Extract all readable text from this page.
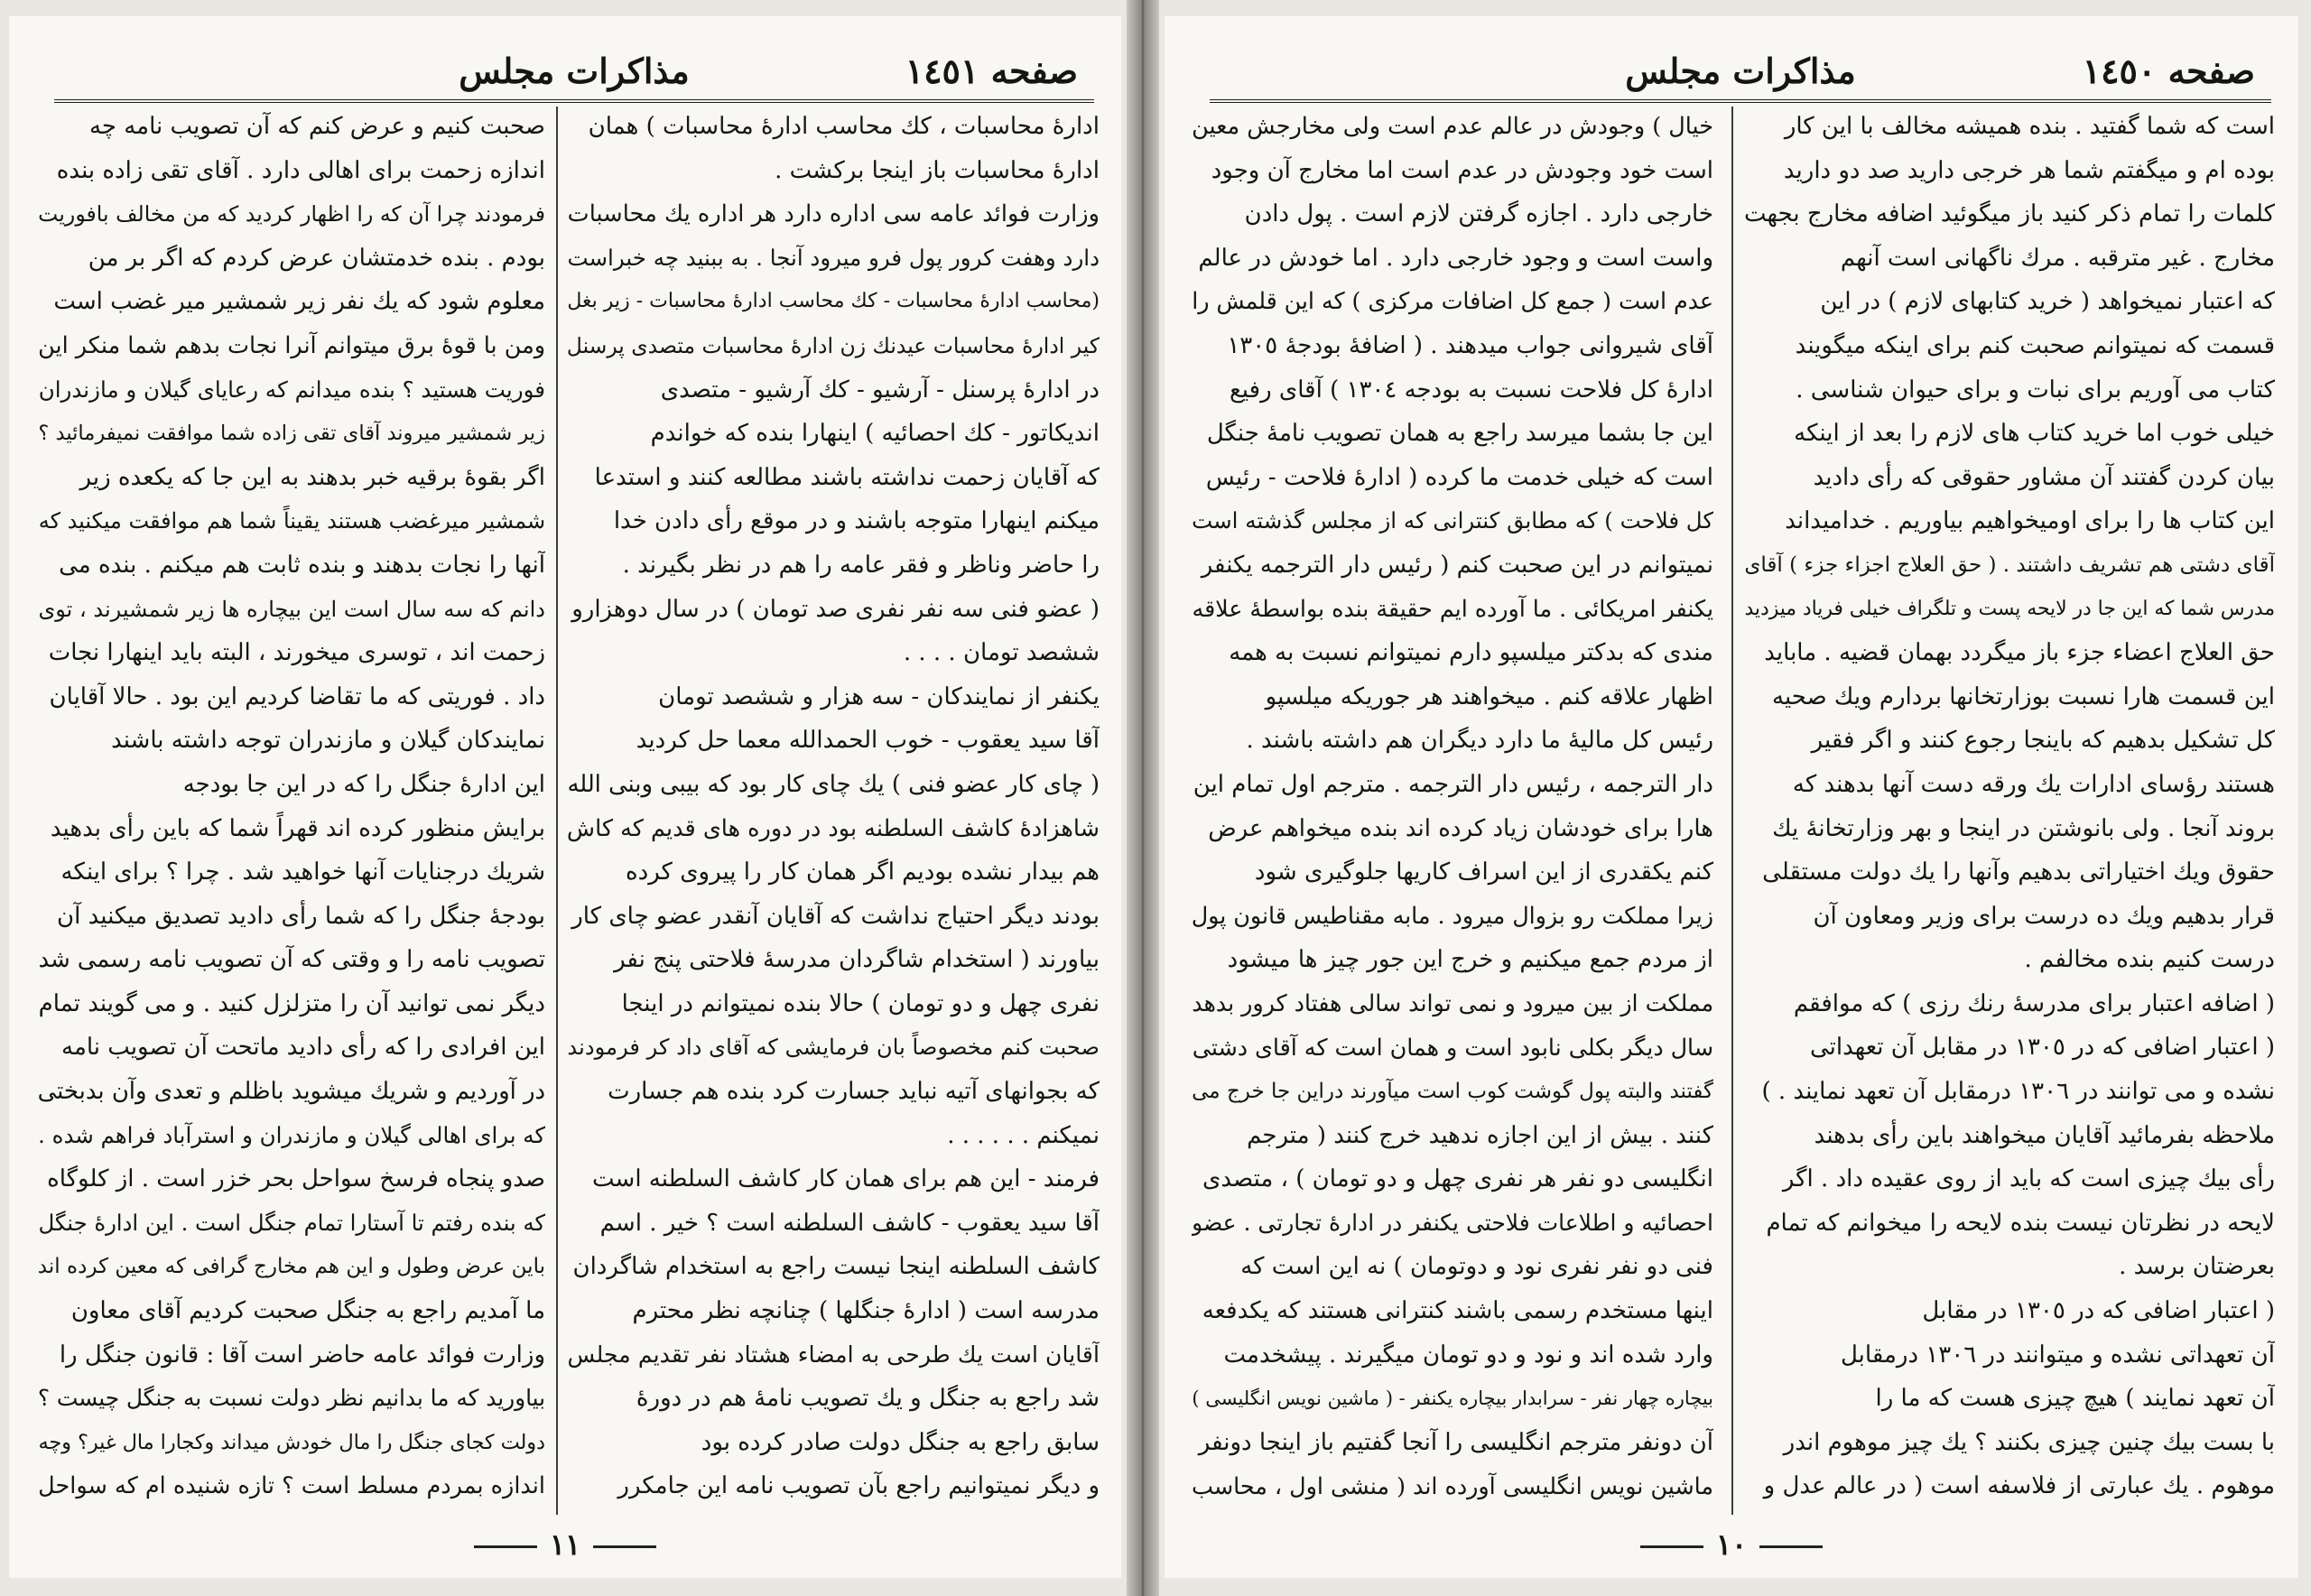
مذاكرات مجلس	صفحه ١٤٥١
ادارهٔ محاسبات ، كك محاسب ادارهٔ محاسبات ) همان
ادارهٔ محاسبات باز اينجا بركشت .
وزارت فوائد عامه سی اداره دارد هر اداره يك محاسبات
دارد وهفت كرور پول فرو ميرود آنجا . به ببنيد چه خبراست
(محاسب ادارهٔ محاسبات - كك محاسب ادارهٔ محاسبات - زير بغل
كير ادارهٔ محاسبات عيدنك زن ادارهٔ محاسبات متصدی پرسنل
در ادارهٔ پرسنل - آرشيو - كك آرشيو - متصدی
انديكاتور - كك احصائيه ) اينهارا بنده كه خواندم
كه آقايان زحمت نداشته باشند مطالعه كنند و استدعا
ميكنم اينهارا متوجه باشند و در موقع رأی دادن خدا
را حاضر وناظر و فقر عامه را هم در نظر بگيرند .
( عضو فنی سه نفر نفری صد تومان ) در سال دوهزارو
ششصد تومان . . . .
يكنفر از نمايندكان - سه هزار و ششصد تومان
آقا سيد يعقوب - خوب الحمدالله معما حل كرديد
( چای كار عضو فنی ) يك چای كار بود كه بيبی وبنی الله
شاهزادهٔ كاشف السلطنه بود در دوره های قديم كه كاش
هم بيدار نشده بوديم اگر همان كار را پيروی كرده
بودند ديگر احتياج نداشت كه آقايان آنقدر عضو چای كار
بياورند ( استخدام شاگردان مدرسهٔ فلاحتی پنج نفر
نفری چهل و دو تومان ) حالا بنده نميتوانم در اينجا
صحبت كنم مخصوصاً بان فرمايشی كه آقای داد كر فرمودند
كه بجوانهای آتيه نبايد جسارت كرد بنده هم جسارت
نميكنم . . . . . .
فرمند - اين هم برای همان كار كاشف السلطنه است
آقا سيد يعقوب - كاشف السلطنه است ؟ خير . اسم
كاشف السلطنه اينجا نيست راجع به استخدام شاگردان
مدرسه است ( ادارهٔ جنگلها ) چنانچه نظر محترم
آقايان است يك طرحی به امضاء هشتاد نفر تقديم مجلس
شد راجع به جنگل و يك تصويب نامهٔ هم در دورهٔ
سابق راجع به جنگل دولت صادر كرده بود
و ديگر نميتوانيم راجع بآن تصويب نامه اين جامكرر
صحبت كنيم و عرض كنم كه آن تصويب نامه چه
اندازه زحمت برای اهالی دارد . آقای تقی زاده بنده
فرمودند چرا آن كه را اظهار كرديد كه من مخالف بافوريت
بودم . بنده خدمتشان عرض كردم كه اگر بر من
معلوم شود كه يك نفر زير شمشير مير غضب است
ومن با قوهٔ برق ميتوانم آنرا نجات بدهم شما منكر اين
فوريت هستيد ؟ بنده ميدانم كه رعايای گيلان و مازندران
زير شمشير ميروند آقای تقی زاده شما موافقت نميفرمائيد ؟
اگر بقوهٔ برقيه خبر بدهند به اين جا كه يكعده زير
شمشير ميرغضب هستند يقيناً شما هم موافقت ميكنيد كه
آنها را نجات بدهند و بنده ثابت هم ميكنم . بنده می
دانم كه سه سال است اين بيچاره ها زير شمشيرند ، توی
زحمت اند ، توسری ميخورند ، البته بايد اينهارا نجات
داد . فوريتی كه ما تقاضا كرديم اين بود . حالا آقايان
نمايندكان گيلان و مازندران توجه داشته باشند
اين ادارهٔ جنگل را كه در اين جا بودجه
برايش منظور كرده اند قهراً شما كه باين رأی بدهيد
شريك درجنايات آنها خواهيد شد . چرا ؟ برای اينكه
بودجهٔ جنگل را كه شما رأی داديد تصديق ميكنيد آن
تصويب نامه را و وقتی كه آن تصويب نامه رسمی شد
ديگر نمی توانيد آن را متزلزل كنيد . و می گويند تمام
اين افرادی را كه رأی داديد ماتحت آن تصويب نامه
در آورديم و شريك ميشويد باظلم و تعدی وآن بدبختی
كه برای اهالی گيلان و مازندران و استرآباد فراهم شده .
صدو پنجاه فرسخ سواحل بحر خزر است . از كلوگاه
كه بنده رفتم تا آستارا تمام جنگل است . اين ادارهٔ جنگل
باين عرض وطول و اين هم مخارج گرافی كه معين كرده اند
ما آمديم راجع به جنگل صحبت كرديم آقای معاون
وزارت فوائد عامه حاضر است آقا : قانون جنگل را
بياوريد كه ما بدانيم نظر دولت نسبت به جنگل چيست ؟
دولت كجای جنگل را مال خودش ميداند وكجارا مال غير؟ وچه
اندازه بمردم مسلط است ؟ تازه شنيده ام كه سواحل
١١
مذاكرات مجلس	صفحه ١٤٥٠
است كه شما گفتيد . بنده هميشه مخالف با اين كار
بوده ام و ميگفتم شما هر خرجی داريد صد دو داريد
كلمات را تمام ذكر كنيد باز ميگوئيد اضافه مخارج بجهت
مخارج . غير مترقبه . مرك ناگهانی است آنهم
كه اعتبار نميخواهد ( خريد كتابهای لازم ) در اين
قسمت كه نميتوانم صحبت كنم برای اينكه ميگويند
كتاب می آوريم برای نبات و برای حيوان شناسی .
خيلی خوب اما خريد كتاب های لازم را بعد از اينكه
بيان كردن گفتند آن مشاور حقوقی كه رأی داديد
اين كتاب ها را برای اوميخواهيم بياوريم . خداميداند
آقای دشتی هم تشريف داشتند . ( حق العلاج اجزاء جزء ) آقای
مدرس شما كه اين جا در لايحه پست و تلگراف خيلی فرياد ميزديد
حق العلاج اعضاء جزء باز ميگردد بهمان قضيه . مابايد
اين قسمت هارا نسبت بوزارتخانها بردارم ويك صحيه
كل تشكيل بدهيم كه باينجا رجوع كنند و اگر فقير
هستند رؤسای ادارات يك ورقه دست آنها بدهند كه
بروند آنجا . ولی بانوشتن در اينجا و بهر وزارتخانهٔ يك
حقوق ويك اختياراتی بدهيم وآنها را يك دولت مستقلی
قرار بدهيم ويك ده درست برای وزير ومعاون آن
درست كنيم بنده مخالفم .
( اضافه اعتبار برای مدرسهٔ رنك رزی ) كه موافقم
( اعتبار اضافی كه در ١٣٠٥ در مقابل آن تعهداتی
نشده و می توانند در ١٣٠٦ درمقابل آن تعهد نمايند . )
ملاحظه بفرمائيد آقايان ميخواهند باين رأی بدهند
رأی بيك چيزی است كه بايد از روی عقيده داد . اگر
لايحه در نظرتان نيست بنده لايحه را ميخوانم كه تمام
بعرضتان برسد .
( اعتبار اضافی كه در ١٣٠٥ در مقابل
آن تعهداتی نشده و ميتوانند در ١٣٠٦ درمقابل
آن تعهد نمايند ) هيچ چيزی هست كه ما را
با بست بيك چنين چيزی بكنند ؟ يك چيز موهوم اندر
موهوم . يك عبارتی از فلاسفه است ( در عالم عدل و
خيال ) وجودش در عالم عدم است ولی مخارجش معين
است خود وجودش در عدم است اما مخارج آن وجود
خارجی دارد . اجازه گرفتن لازم است . پول دادن
واست است و وجود خارجی دارد . اما خودش در عالم
عدم است ( جمع كل اضافات مركزی ) كه اين قلمش را
آقای شيروانی جواب ميدهند . ( اضافهٔ بودجهٔ ١٣٠٥
ادارهٔ كل فلاحت نسبت به بودجه ١٣٠٤ ) آقای رفيع
اين جا بشما ميرسد راجع به همان تصويب نامهٔ جنگل
است كه خيلی خدمت ما كرده ( ادارهٔ فلاحت - رئيس
كل فلاحت ) كه مطابق كنترانی كه از مجلس گذشته است
نميتوانم در اين صحبت كنم ( رئيس دار الترجمه يكنفر
يكنفر امريكائی . ما آورده ايم حقيقة بنده بواسطهٔ علاقه
مندی كه بدكتر ميلسپو دارم نميتوانم نسبت به همه
اظهار علاقه كنم . ميخواهند هر جوريكه ميلسپو
رئيس كل ماليهٔ ما دارد ديگران هم داشته باشند .
دار الترجمه ، رئيس دار الترجمه . مترجم اول تمام اين
هارا برای خودشان زياد كرده اند بنده ميخواهم عرض
كنم يكقدری از اين اسراف كاريها جلوگيری شود
زيرا مملكت رو بزوال ميرود . مابه مقناطيس قانون پول
از مردم جمع ميكنيم و خرج اين جور چيز ها ميشود
مملكت از بين ميرود و نمی تواند سالی هفتاد كرور بدهد
سال ديگر بكلی نابود است و همان است كه آقای دشتی
گفتند والبته پول گوشت كوب است ميآورند دراين جا خرج می
كنند . بيش از اين اجازه ندهيد خرج كنند ( مترجم
انگليسی دو نفر هر نفری چهل و دو تومان ) ، متصدی
احصائيه و اطلاعات فلاحتی يكنفر در ادارهٔ تجارتی . عضو
فنی دو نفر نفری نود و دوتومان ) نه اين است كه
اينها مستخدم رسمی باشند كنترانی هستند كه يكدفعه
وارد شده اند و نود و دو تومان ميگيرند . پيشخدمت
بيچاره چهار نفر - سرابدار بيچاره يكنفر - ( ماشين نويس انگليسی )
آن دونفر مترجم انگليسی را آنجا گفتيم باز اينجا دونفر
ماشين نويس انگليسی آورده اند ( منشی اول ، محاسب
١٠
